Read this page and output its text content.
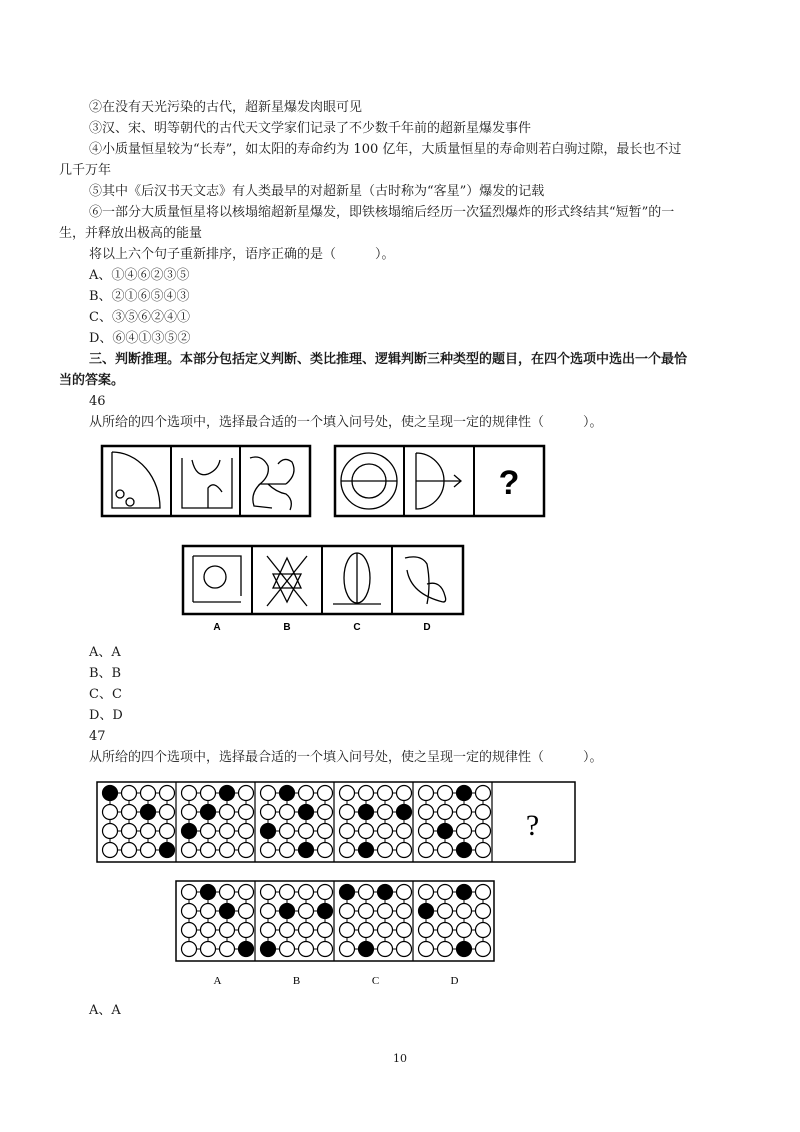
②在没有天光污染的古代，超新星爆发肉眼可见
③汉、宋、明等朝代的古代天文学家们记录了不少数千年前的超新星爆发事件
④小质量恒星较为“长寿”，如太阳的寿命约为 100 亿年，大质量恒星的寿命则若白驹过隙，最长也不过
几千万年
⑤其中《后汉书天文志》有人类最早的对超新星（古时称为“客星”）爆发的记载
⑥一部分大质量恒星将以核塌缩超新星爆发，即铁核塌缩后经历一次猛烈爆炸的形式终结其“短暂”的一
生，并释放出极高的能量
将以上六个句子重新排序，语序正确的是（　　　）。
A、①④⑥②③⑤
B、②①⑥⑤④③
C、③⑤⑥②④①
D、⑥④①③⑤②
三、判断推理。本部分包括定义判断、类比推理、逻辑判断三种类型的题目，在四个选项中选出一个最恰
当的答案。
46
从所给的四个选项中，选择最合适的一个填入问号处，使之呈现一定的规律性（　　　）。
?
A	B	C	D
A、A
B、B
C、C
D、D
47
从所给的四个选项中，选择最合适的一个填入问号处，使之呈现一定的规律性（　　　）。
?
A	B	C	D
A、A
10
